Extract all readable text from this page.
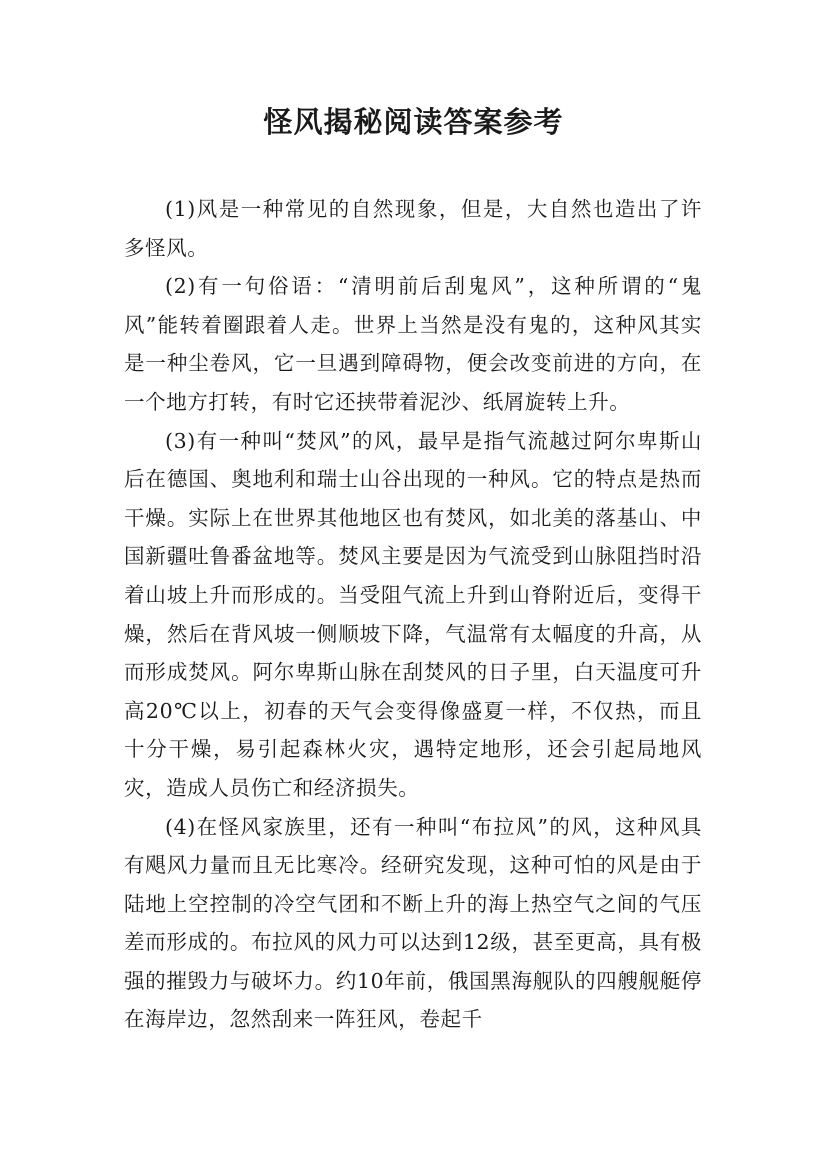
怪风揭秘阅读答案参考

(1)风是一种常见的自然现象，但是，大自然也造出了许多怪风。

(2)有一句俗语：“清明前后刮鬼风”，这种所谓的“鬼风”能转着圈跟着人走。世界上当然是没有鬼的，这种风其实是一种尘卷风，它一旦遇到障碍物，便会改变前进的方向，在一个地方打转，有时它还挟带着泥沙、纸屑旋转上升。

(3)有一种叫“焚风”的风，最早是指气流越过阿尔卑斯山后在德国、奥地利和瑞士山谷出现的一种风。它的特点是热而干燥。实际上在世界其他地区也有焚风，如北美的落基山、中国新疆吐鲁番盆地等。焚风主要是因为气流受到山脉阻挡时沿着山坡上升而形成的。当受阻气流上升到山脊附近后，变得干燥，然后在背风坡一侧顺坡下降，气温常有太幅度的升高，从而形成焚风。阿尔卑斯山脉在刮焚风的日子里，白天温度可升高20℃以上，初春的天气会变得像盛夏一样，不仅热，而且十分干燥，易引起森林火灾，遇特定地形，还会引起局地风灾，造成人员伤亡和经济损失。

(4)在怪风家族里，还有一种叫“布拉风”的风，这种风具有飓风力量而且无比寒冷。经研究发现，这种可怕的风是由于陆地上空控制的冷空气团和不断上升的海上热空气之间的气压差而形成的。布拉风的风力可以达到12级，甚至更高，具有极强的摧毁力与破坏力。约10年前，俄国黑海舰队的四艘舰艇停在海岸边，忽然刮来一阵狂风，卷起千
